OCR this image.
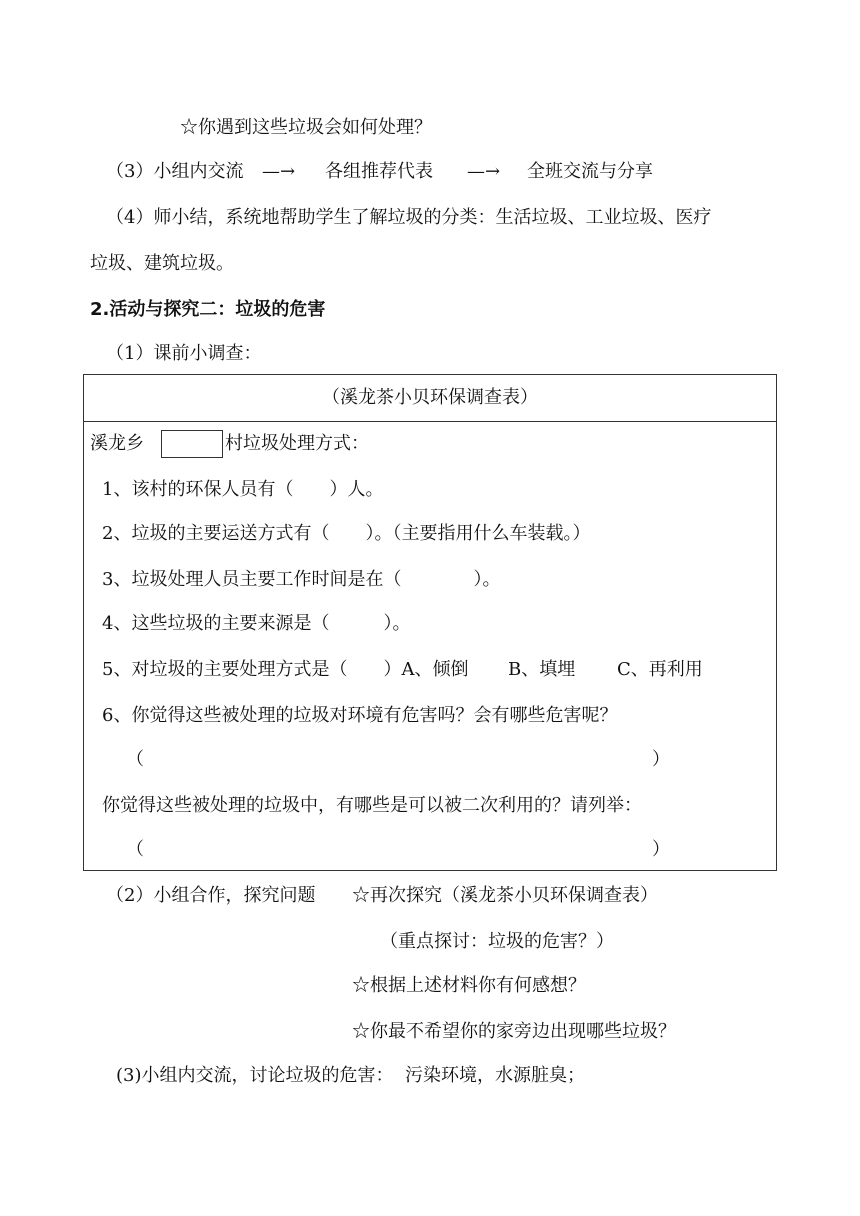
☆你遇到这些垃圾会如何处理？
（3）小组内交流 —→ 各组推荐代表 —→ 全班交流与分享
（4）师小结，系统地帮助学生了解垃圾的分类：生活垃圾、工业垃圾、医疗
垃圾、建筑垃圾。
2.活动与探究二：垃圾的危害
（1）课前小调查：
（溪龙茶小贝环保调查表）
溪龙乡	村垃圾处理方式：
1、该村的环保人员有（　　）人。
2、垃圾的主要运送方式有（　　）。（主要指用什么车装载。）
3、垃圾处理人员主要工作时间是在（　　　　）。
4、这些垃圾的主要来源是（　　　）。
5、对垃圾的主要处理方式是（　　）A、倾倒 B、填埋 C、再利用
6、你觉得这些被处理的垃圾对环境有危害吗？会有哪些危害呢？
（	）
你觉得这些被处理的垃圾中，有哪些是可以被二次利用的？请列举：
（	）
（2）小组合作，探究问题 ☆再次探究（溪龙茶小贝环保调查表）
（重点探讨：垃圾的危害？）
☆根据上述材料你有何感想？
☆你最不希望你的家旁边出现哪些垃圾？
(3)小组内交流，讨论垃圾的危害：  污染环境，水源脏臭；
